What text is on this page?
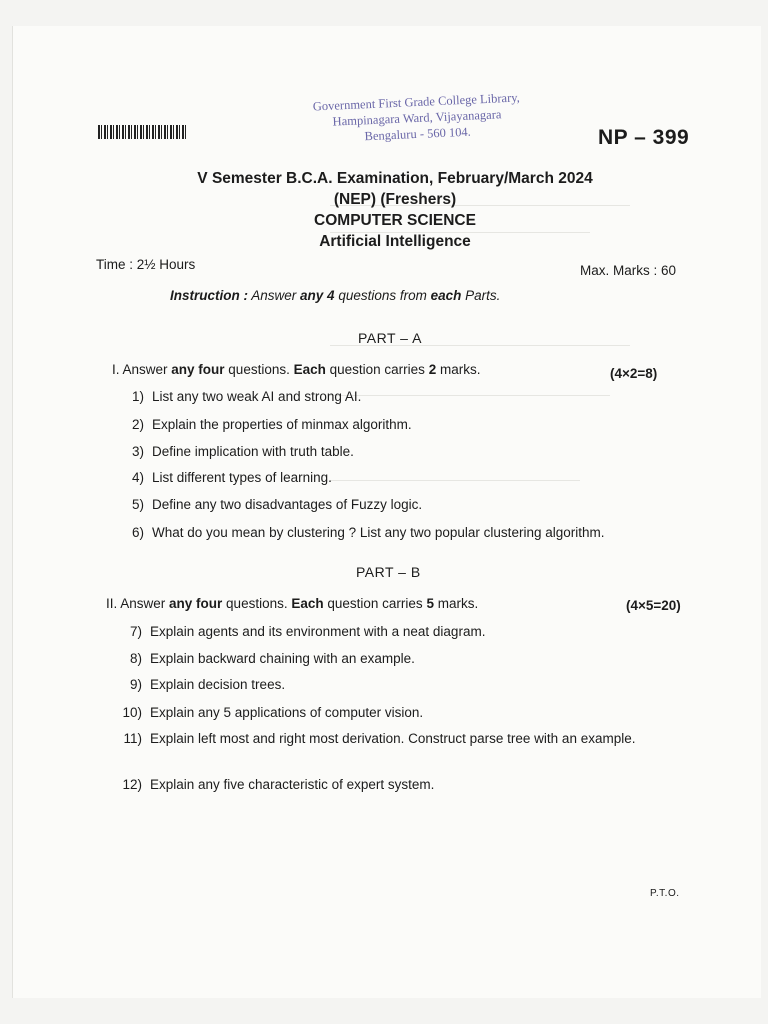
Government First Grade College Library,
Hampinagara Ward, Vijayanagara
Bengaluru - 560 104.	NP – 399
V Semester B.C.A. Examination, February/March 2024
(NEP) (Freshers)
COMPUTER SCIENCE
Artificial Intelligence
Time : 2½ Hours	Max. Marks : 60
Instruction : Answer any 4 questions from each Parts.
PART – A
I. Answer any four questions. Each question carries 2 marks.	(4×2=8)
1) List any two weak AI and strong AI.
2) Explain the properties of minmax algorithm.
3) Define implication with truth table.
4) List different types of learning.
5) Define any two disadvantages of Fuzzy logic.
6) What do you mean by clustering ? List any two popular clustering algorithm.
PART – B
II. Answer any four questions. Each question carries 5 marks.	(4×5=20)
7) Explain agents and its environment with a neat diagram.
8) Explain backward chaining with an example.
9) Explain decision trees.
10) Explain any 5 applications of computer vision.
11) Explain left most and right most derivation. Construct parse tree with an example.
12) Explain any five characteristic of expert system.
P.T.O.
